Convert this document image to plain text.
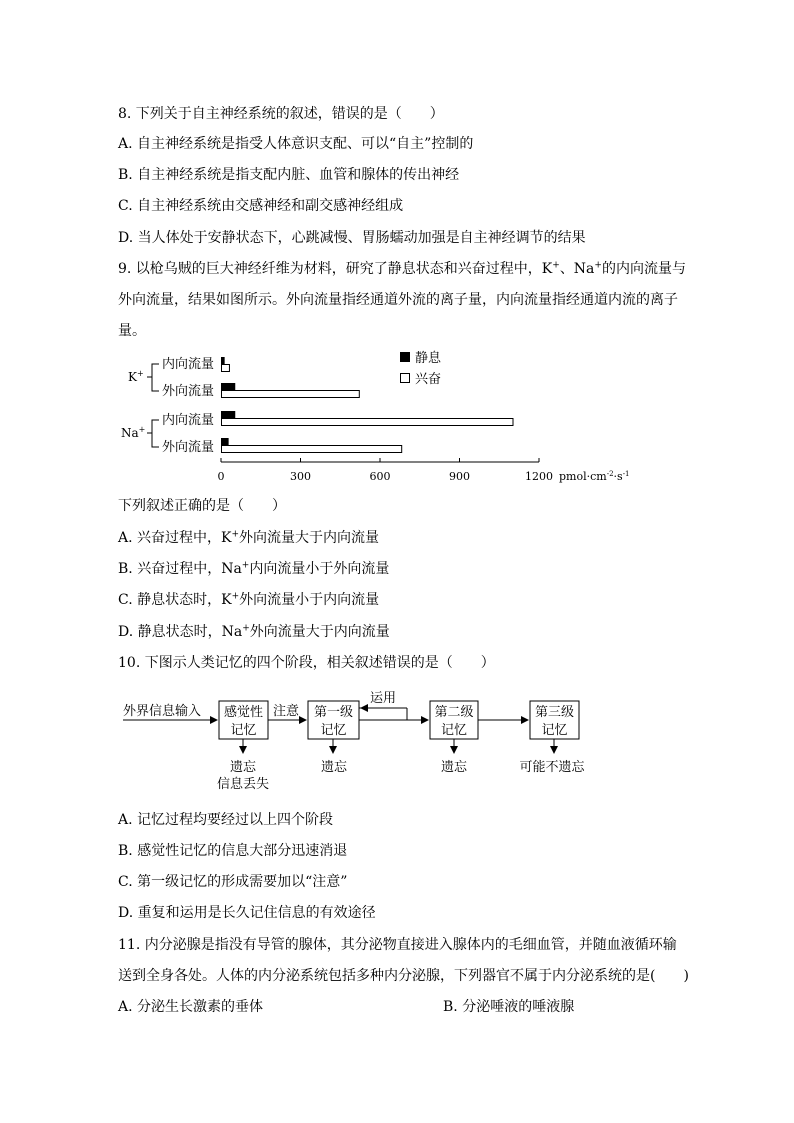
8. 下列关于自主神经系统的叙述，错误的是（　　）
A. 自主神经系统是指受人体意识支配、可以“自主”控制的
B. 自主神经系统是指支配内脏、血管和腺体的传出神经
C. 自主神经系统由交感神经和副交感神经组成
D. 当人体处于安静状态下，心跳减慢、胃肠蠕动加强是自主神经调节的结果
9. 以枪乌贼的巨大神经纤维为材料，研究了静息状态和兴奋过程中，K+、Na+的内向流量与
外向流量，结果如图所示。外向流量指经通道外流的离子量，内向流量指经通道内流的离子
量。
0	300	600	900	1200
静息
兴奋
K+
Na+
内向流量
外向流量
内向流量
外向流量
$pmol\cdot cm^{-2}\cdot s^{-1}$
下列叙述正确的是（　　）
A. 兴奋过程中，K+外向流量大于内向流量
B. 兴奋过程中，Na+内向流量小于外向流量
C. 静息状态时，K+外向流量小于内向流量
D. 静息状态时，Na+外向流量大于内向流量
10. 下图示人类记忆的四个阶段，相关叙述错误的是（　　）
外界信息输入 感觉性
记忆
注意 第一级
记忆
运用
第二级
记忆
第三级
记忆
遗忘
信息丢失
遗忘	遗忘	可能不遗忘
A. 记忆过程均要经过以上四个阶段
B. 感觉性记忆的信息大部分迅速消退
C. 第一级记忆的形成需要加以“注意”
D. 重复和运用是长久记住信息的有效途径
11. 内分泌腺是指没有导管的腺体，其分泌物直接进入腺体内的毛细血管，并随血液循环输
送到全身各处。人体的内分泌系统包括多种内分泌腺，下列器官不属于内分泌系统的是(　　)
A. 分泌生长激素的垂体	B. 分泌唾液的唾液腺
